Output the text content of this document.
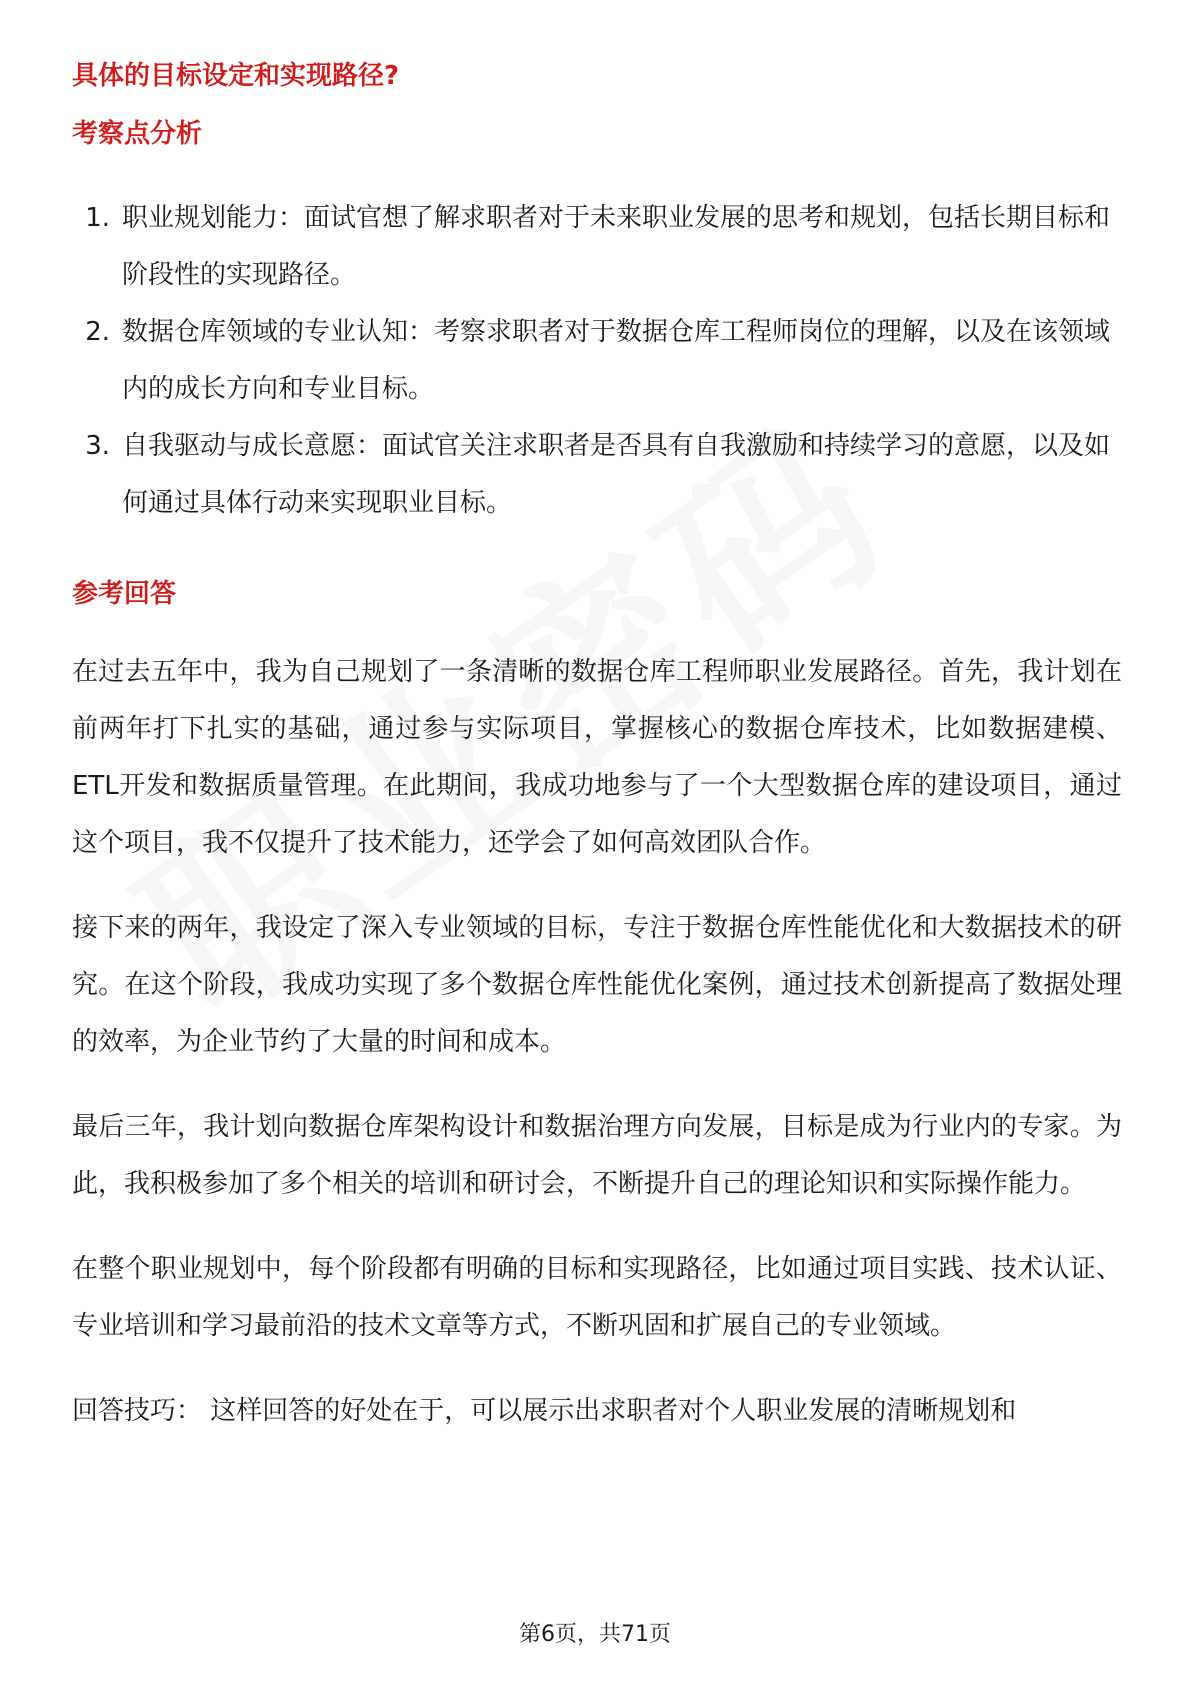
具体的目标设定和实现路径?
考察点分析
1. 职业规划能力：面试官想了解求职者对于未来职业发展的思考和规划，包括长期目标和阶段性的实现路径。
2. 数据仓库领域的专业认知：考察求职者对于数据仓库工程师岗位的理解，以及在该领域内的成长方向和专业目标。
3. 自我驱动与成长意愿：面试官关注求职者是否具有自我激励和持续学习的意愿，以及如何通过具体行动来实现职业目标。
参考回答

在过去五年中，我为自己规划了一条清晰的数据仓库工程师职业发展路径。首先，我计划在前两年打下扎实的基础，通过参与实际项目，掌握核心的数据仓库技术，比如数据建模、ETL开发和数据质量管理。在此期间，我成功地参与了一个大型数据仓库的建设项目，通过这个项目，我不仅提升了技术能力，还学会了如何高效团队合作。

接下来的两年，我设定了深入专业领域的目标，专注于数据仓库性能优化和大数据技术的研究。在这个阶段，我成功实现了多个数据仓库性能优化案例，通过技术创新提高了数据处理的效率，为企业节约了大量的时间和成本。

最后三年，我计划向数据仓库架构设计和数据治理方向发展，目标是成为行业内的专家。为此，我积极参加了多个相关的培训和研讨会，不断提升自己的理论知识和实际操作能力。

在整个职业规划中，每个阶段都有明确的目标和实现路径，比如通过项目实践、技术认证、专业培训和学习最前沿的技术文章等方式，不断巩固和扩展自己的专业领域。

回答技巧： 这样回答的好处在于，可以展示出求职者对个人职业发展的清晰规划和

第6页，共71页
